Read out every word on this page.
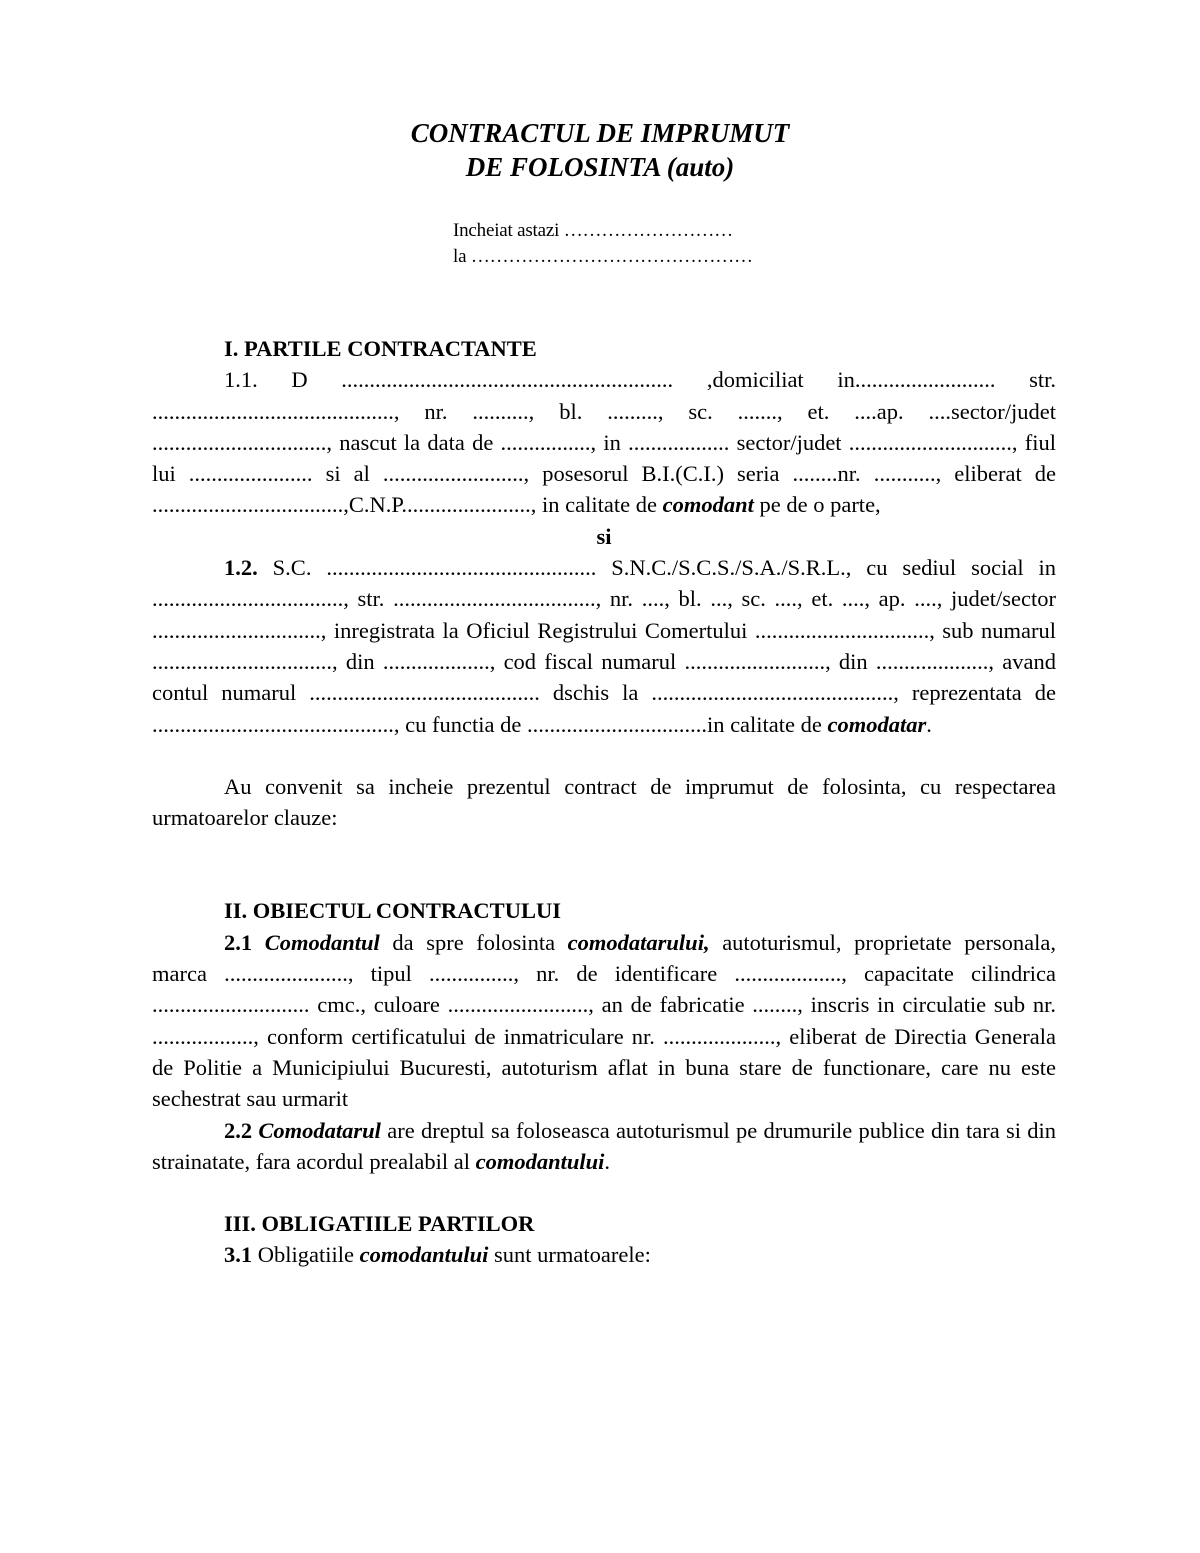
CONTRACTUL DE IMPRUMUT
DE FOLOSINTA (auto)
Incheiat astazi ………………………
la ………………………………………

I. PARTILE CONTRACTANTE

1.1. D ........................................................... ,domiciliat in......................... str. ..........................................., nr. .........., bl. ........., sc. ......., et. ....ap. ....sector/judet ..............................., nascut la data de ................, in .................. sector/judet ............................., fiul lui ...................... si al ........................., posesorul B.I.(C.I.) seria ........nr. ..........., eliberat de ..................................,C.N.P......................., in calitate de comodant pe de o parte,

si

1.2. S.C. ................................................ S.N.C./S.C.S./S.A./S.R.L., cu sediul social in .................................., str. ...................................., nr. ...., bl. ..., sc. ...., et. ...., ap. ...., judet/sector .............................., inregistrata la Oficiul Registrului Comertului ..............................., sub numarul ................................, din ..................., cod fiscal numarul ........................., din ...................., avand contul numarul ......................................... dschis la ..........................................., reprezentata de ..........................................., cu functia de ................................in calitate de comodatar.

Au convenit sa incheie prezentul contract de imprumut de folosinta, cu respectarea urmatoarelor clauze:

II. OBIECTUL CONTRACTULUI

2.1 Comodantul da spre folosinta comodatarului, autoturismul, proprietate personala, marca ......................, tipul ..............., nr. de identificare ..................., capacitate cilindrica ............................ cmc., culoare ........................., an de fabricatie ........, inscris in circulatie sub nr. .................., conform certificatului de inmatriculare nr. ...................., eliberat de Directia Generala de Politie a Municipiului Bucuresti, autoturism aflat in buna stare de functionare, care nu este sechestrat sau urmarit

2.2 Comodatarul are dreptul sa foloseasca autoturismul pe drumurile publice din tara si din strainatate, fara acordul prealabil al comodantului.

III. OBLIGATIILE PARTILOR

3.1 Obligatiile comodantului sunt urmatoarele:
